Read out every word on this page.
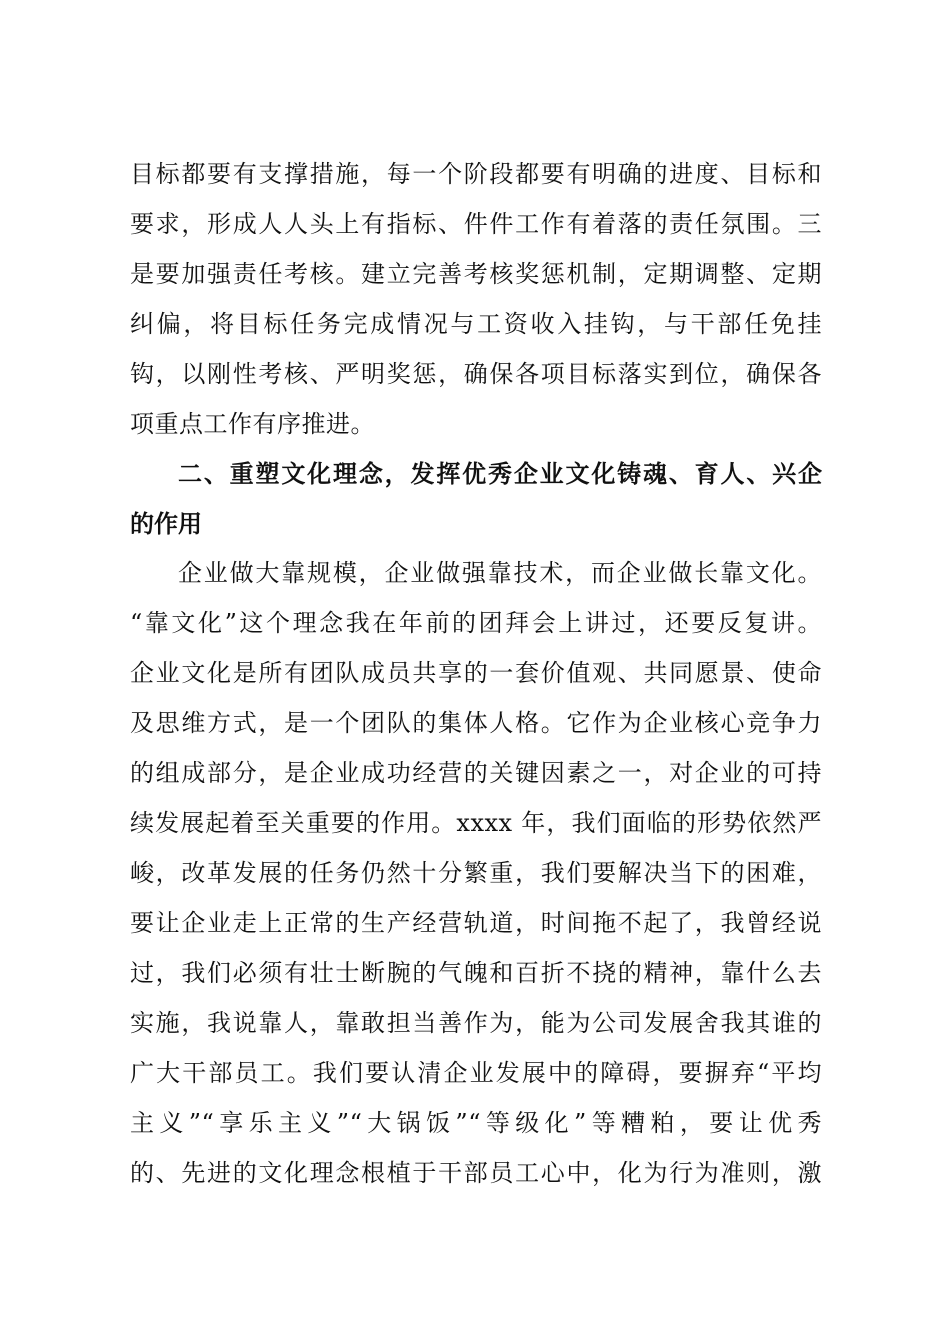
目标都要有支撑措施，每一个阶段都要有明确的进度、目标和
要求，形成人人头上有指标、件件工作有着落的责任氛围。三
是要加强责任考核。建立完善考核奖惩机制，定期调整、定期
纠偏，将目标任务完成情况与工资收入挂钩，与干部任免挂
钩，以刚性考核、严明奖惩，确保各项目标落实到位，确保各
项重点工作有序推进。
二、重塑文化理念，发挥优秀企业文化铸魂、育人、兴企
的作用
企业做大靠规模，企业做强靠技术，而企业做长靠文化。
“靠文化”这个理念我在年前的团拜会上讲过，还要反复讲。
企业文化是所有团队成员共享的一套价值观、共同愿景、使命
及思维方式，是一个团队的集体人格。它作为企业核心竞争力
的组成部分，是企业成功经营的关键因素之一，对企业的可持
续发展起着至关重要的作用。xxxx 年，我们面临的形势依然严
峻，改革发展的任务仍然十分繁重，我们要解决当下的困难，
要让企业走上正常的生产经营轨道，时间拖不起了，我曾经说
过，我们必须有壮士断腕的气魄和百折不挠的精神，靠什么去
实施，我说靠人，靠敢担当善作为，能为公司发展舍我其谁的
广大干部员工。我们要认清企业发展中的障碍，要摒弃“平均
主义”“享乐主义”“大锅饭”“等级化”等糟粕，要让优秀
的、先进的文化理念根植于干部员工心中，化为行为准则，激
